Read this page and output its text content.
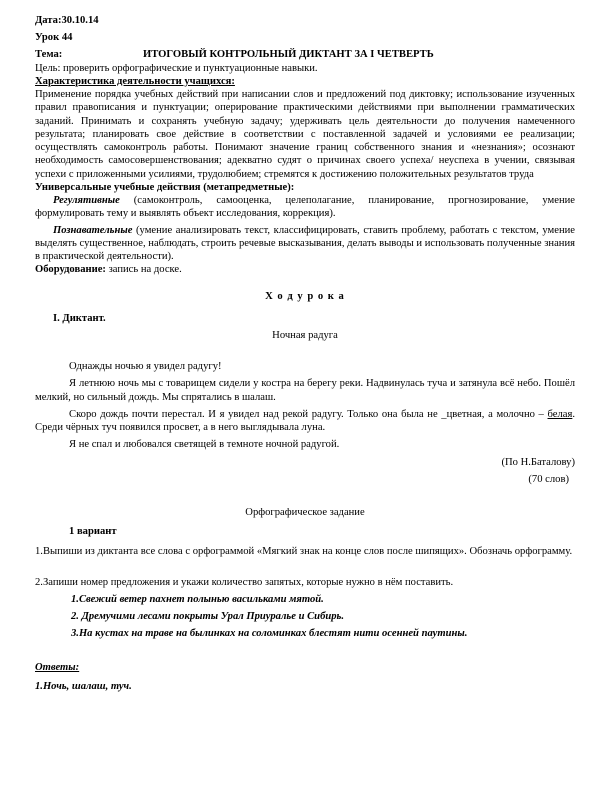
Дата:30.10.14

Урок 44

Тема:	ИТОГОВЫЙ КОНТРОЛЬНЫЙ ДИКТАНТ ЗА I ЧЕТВЕРТЬ

Цель: проверить орфографические и пунктуационные навыки.

Характеристика деятельности учащихся:

Применение порядка учебных действий при написании слов и предложений под диктовку; использование изученных правил правописания и пунктуации; оперирование практическими действиями при выполнении грамматических заданий. Принимать и сохранять учебную задачу; удерживать цель деятельности до получения намеченного результата; планировать свое действие в соответствии с поставленной задачей и условиями ее реализации; осуществлять самоконтроль работы. Понимают значение границ собственного знания и «незнания»; осознают необходимость самосовершенствования; адекватно судят о причинах своего успеха/ неуспеха в учении, связывая успехи с приложенными усилиями, трудолюбием; стремятся к достижению положительных результатов труда

Универсальные учебные действия (метапредметные):

Регулятивные (самоконтроль, самооценка, целеполагание, планирование, прогнозирование, умение формулировать тему и выявлять объект исследования, коррекция).

Познавательные (умение анализировать текст, классифицировать, ставить проблему, работать с текстом, умение выделять существенное, наблюдать, строить речевые высказывания, делать выводы и использовать полученные знания в практической деятельности).

Оборудование: запись на доске.

Х о д у р о к а

I. Диктант.

Ночная радуга

Однажды ночью я увидел радугу!

Я летнюю ночь мы с товарищем сидели у костра на берегу реки. Надвинулась туча и затянула всё небо. Пошёл мелкий, но сильный дождь. Мы спрятались в шалаш.

Скоро дождь почти перестал. И я увидел над рекой радугу. Только она была не _цветная, а молочно – белая. Среди чёрных туч появился просвет, а в него выглядывала луна.

Я не спал и любовался светящей в темноте ночной радугой.

(По Н.Баталову)

(70 слов)

Орфографическое задание

1 вариант

1.Выпиши из диктанта все слова с орфограммой «Мягкий знак на конце слов после шипящих». Обозначь орфограмму.

2.Запиши номер предложения и укажи количество запятых, которые нужно в нём поставить.

1.Свежий ветер пахнет полынью васильками мятой.

2. Дремучими лесами покрыты Урал Приуралье и Сибирь.

3.На кустах на траве на былинках на соломинках блестят нити осенней паутины.

Ответы:

1.Ночь, шалаш, туч.
